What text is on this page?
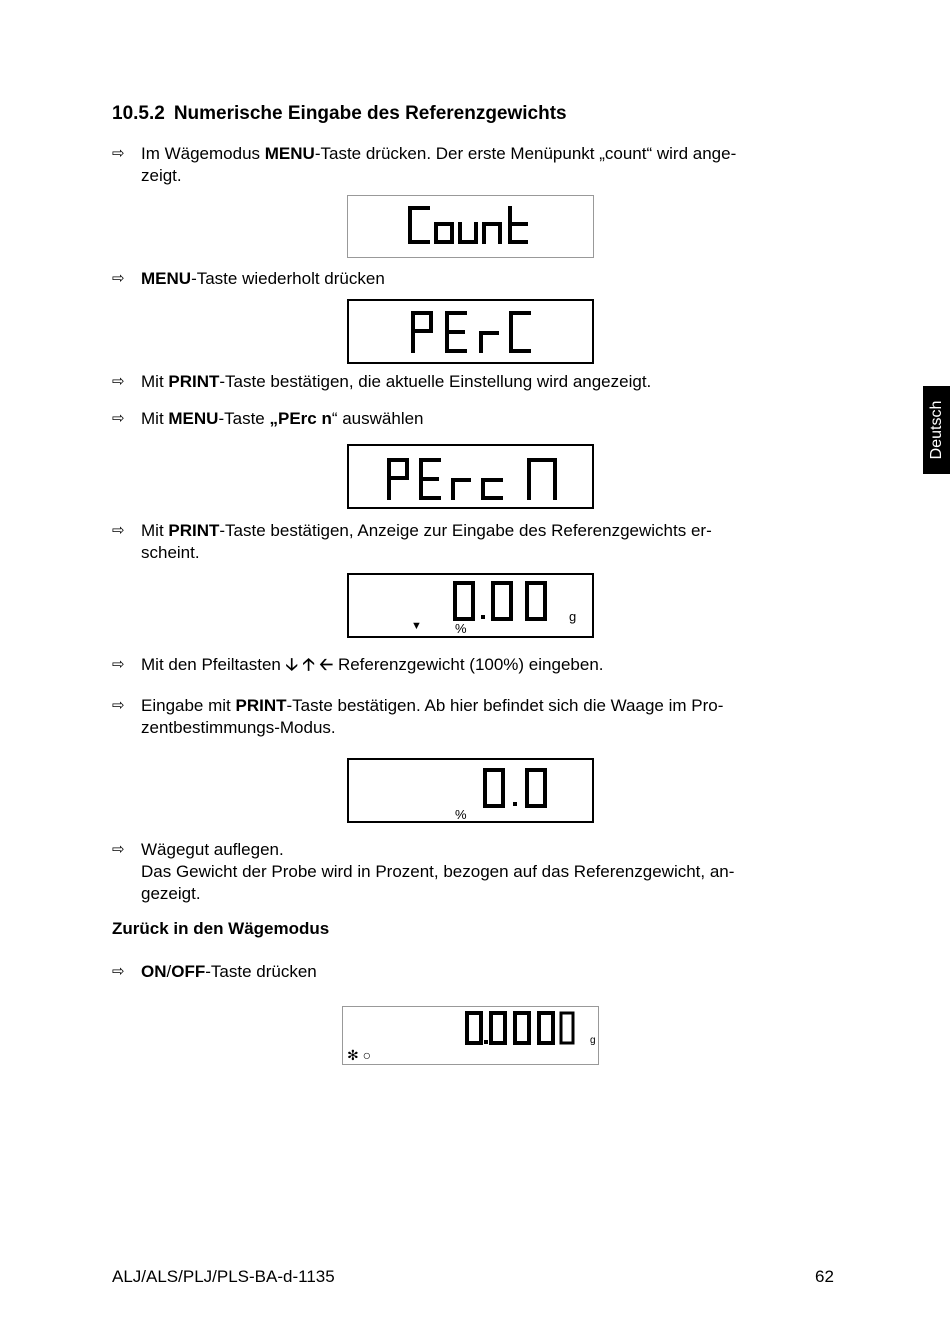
10.5.2 Numerische Eingabe des Referenzgewichts
⇨ Im Wägemodus MENU-Taste drücken. Der erste Menüpunkt „count“ wird ange-
zeigt.
⇨ MENU-Taste wiederholt drücken
⇨ Mit PRINT-Taste bestätigen, die aktuelle Einstellung wird angezeigt.
⇨ Mit MENU-Taste „PErc n“ auswählen
⇨ Mit PRINT-Taste bestätigen, Anzeige zur Eingabe des Referenzgewichts er-
scheint.
▼	%
g
⇨ Mit den Pfeiltasten 🡣 🡡 🡠 Referenzgewicht (100%) eingeben.
⇨ Eingabe mit PRINT-Taste bestätigen. Ab hier befindet sich die Waage im Pro-
zentbestimmungs-Modus.
%
⇨ Wägegut auflegen.
Das Gewicht der Probe wird in Prozent, bezogen auf das Referenzgewicht, an-
gezeigt.
Zurück in den Wägemodus
⇨ ON/OFF-Taste drücken
✻ ○
g
Deutsch
ALJ/ALS/PLJ/PLS-BA-d-1135	62
